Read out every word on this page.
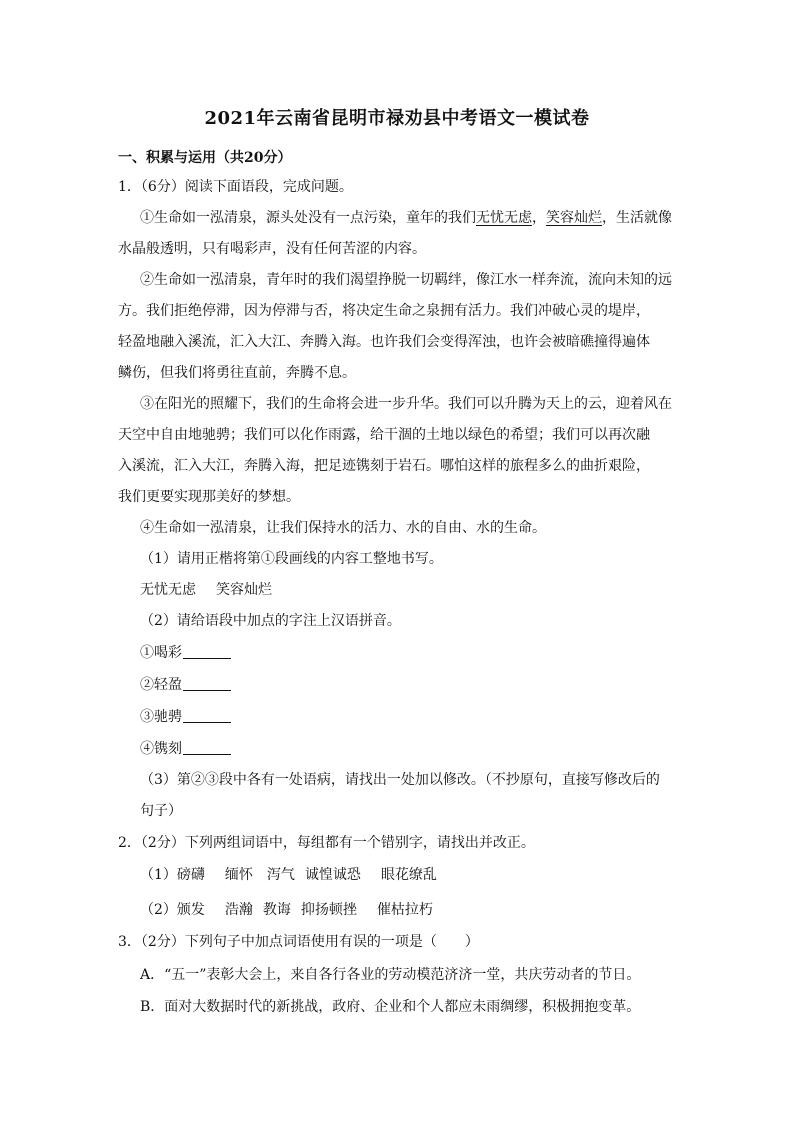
2021年云南省昆明市禄劝县中考语文一模试卷
一、积累与运用（共20分）
1．（6分）阅读下面语段，完成问题。
①生命如一泓清泉，源头处没有一点污染，童年的我们无忧无虑，笑容灿烂，生活就像
水晶般透明，只有喝彩声，没有任何苦涩的内容。
②生命如一泓清泉，青年时的我们渴望挣脱一切羁绊，像江水一样奔流，流向未知的远
方。我们拒绝停滞，因为停滞与否，将决定生命之泉拥有活力。我们冲破心灵的堤岸，
轻盈地融入溪流，汇入大江、奔腾入海。也许我们会变得浑浊，也许会被暗礁撞得遍体
鳞伤，但我们将勇往直前，奔腾不息。
③在阳光的照耀下，我们的生命将会进一步升华。我们可以升腾为天上的云，迎着风在
天空中自由地驰骋；我们可以化作雨露，给干涸的土地以绿色的希望；我们可以再次融
入溪流，汇入大江，奔腾入海，把足迹镌刻于岩石。哪怕这样的旅程多么的曲折艰险，
我们更要实现那美好的梦想。
④生命如一泓清泉，让我们保持水的活力、水的自由、水的生命。
（1）请用正楷将第①段画线的内容工整地书写。
无忧无虑 笑容灿烂
（2）请给语段中加点的字注上汉语拼音。
①喝彩
②轻盈
③驰骋
④镌刻
（3）第②③段中各有一处语病，请找出一处加以修改。（不抄原句，直接写修改后的
句子）
2．（2分）下列两组词语中，每组都有一个错别字，请找出并改正。
（1）磅礴 缅怀 泻气 诚惶诚恐 眼花缭乱
（2）颁发 浩瀚 教诲 抑扬顿挫 催枯拉朽
3．（2分）下列句子中加点词语使用有误的一项是（　　）
A．“五一”表彰大会上，来自各行各业的劳动模范济济一堂，共庆劳动者的节日。
B．面对大数据时代的新挑战，政府、企业和个人都应未雨绸缪，积极拥抱变革。
